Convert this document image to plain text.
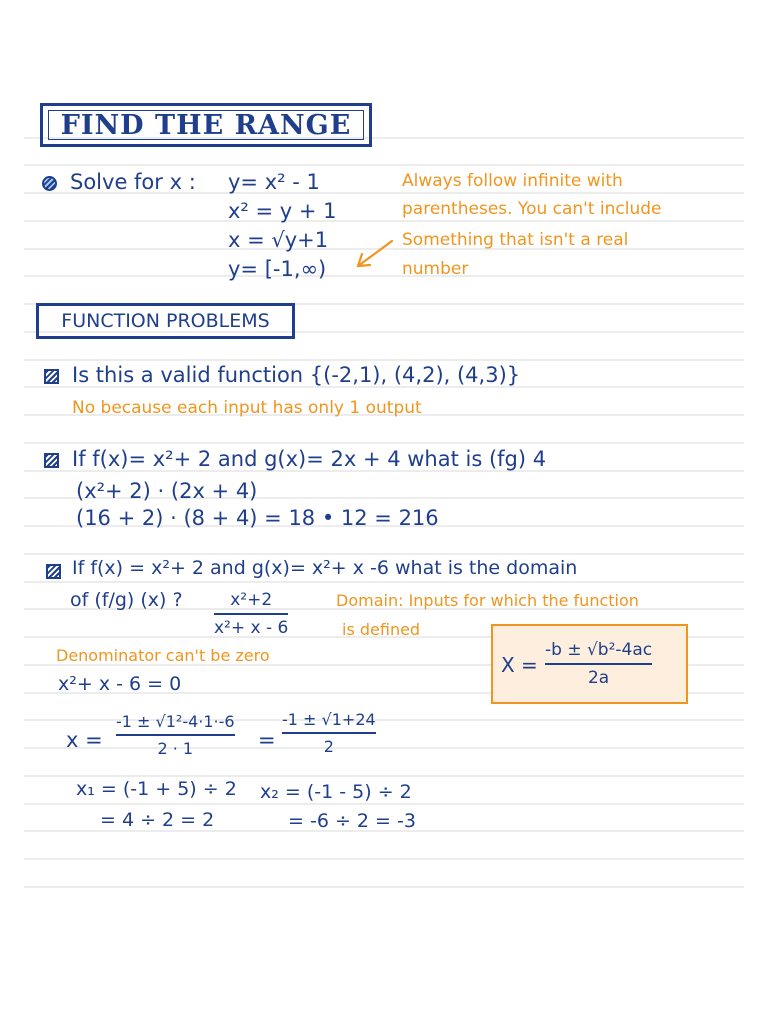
FIND THE RANGE
Solve for x : y= x² - 1
x² = y + 1
x = √y+1
y= [-1,∞)
Always follow infinite with
parentheses. You can't include
Something that isn't a real
number
FUNCTION PROBLEMS
Is this a valid function {(-2,1), (4,2), (4,3)}
No because each input has only 1 output
If f(x)= x²+ 2 and g(x)= 2x + 4 what is (fg) 4
(x²+ 2) · (2x + 4)
(16 + 2) · (8 + 4) = 18 • 12 = 216
If f(x) = x²+ 2 and g(x)= x²+ x -6 what is the domain
of (f/g) (x) ?	x²+2
x²+ x - 6
Domain: Inputs for which the function
is defined
X =
-b ± √b²-4ac
2a
Denominator can't be zero
x²+ x - 6 = 0
x =
-1 ± √1²-4·1·-6
2 · 1	=
-1 ± √1+24
2
x₁ = (-1 + 5) ÷ 2
= 4 ÷ 2 = 2
x₂ = (-1 - 5) ÷ 2
= -6 ÷ 2 = -3
